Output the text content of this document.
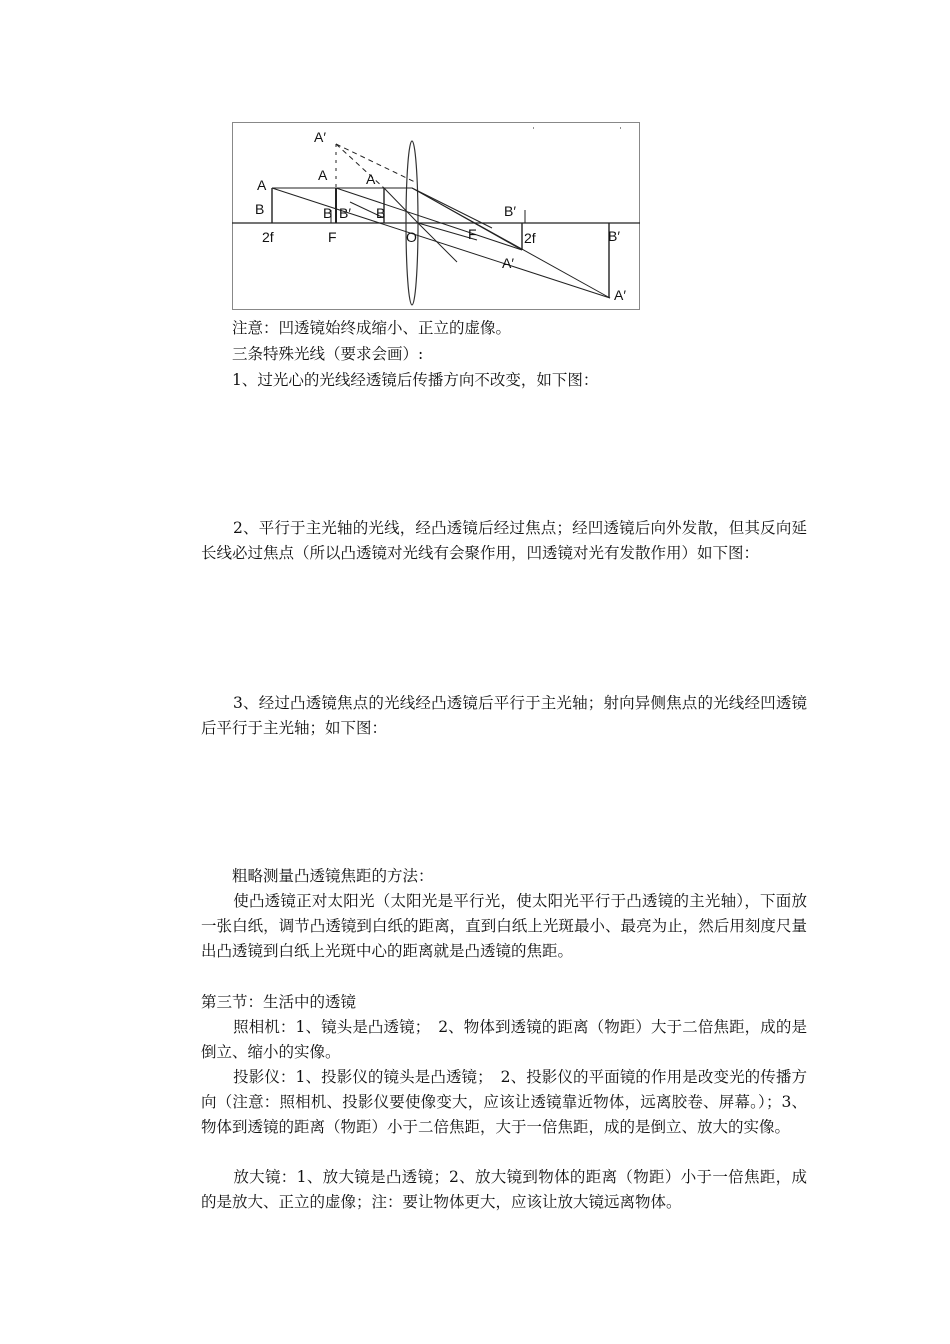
A
B
2f
A
B
F
A
B
B′
A′
O	F	2f
B′
A′
B′
A′
注意：凹透镜始终成缩小、正立的虚像。
三条特殊光线（要求会画）:
1、过光心的光线经透镜后传播方向不改变，如下图：
2、平行于主光轴的光线，经凸透镜后经过焦点；经凹透镜后向外发散，但其反向延长线必过焦点（所以凸透镜对光线有会聚作用，凹透镜对光有发散作用）如下图：
3、经过凸透镜焦点的光线经凸透镜后平行于主光轴；射向异侧焦点的光线经凹透镜后平行于主光轴；如下图：
粗略测量凸透镜焦距的方法：
使凸透镜正对太阳光（太阳光是平行光，使太阳光平行于凸透镜的主光轴），下面放一张白纸，调节凸透镜到白纸的距离，直到白纸上光斑最小、最亮为止，然后用刻度尺量出凸透镜到白纸上光斑中心的距离就是凸透镜的焦距。
第三节：生活中的透镜
照相机：1、镜头是凸透镜；　2、物体到透镜的距离（物距）大于二倍焦距，成的是倒立、缩小的实像。
投影仪：1、投影仪的镜头是凸透镜；　2、投影仪的平面镜的作用是改变光的传播方向（注意：照相机、投影仪要使像变大，应该让透镜靠近物体，远离胶卷、屏幕。）；3、物体到透镜的距离（物距）小于二倍焦距，大于一倍焦距，成的是倒立、放大的实像。
放大镜：1、放大镜是凸透镜；2、放大镜到物体的距离（物距）小于一倍焦距，成的是放大、正立的虚像；注：要让物体更大，应该让放大镜远离物体。
